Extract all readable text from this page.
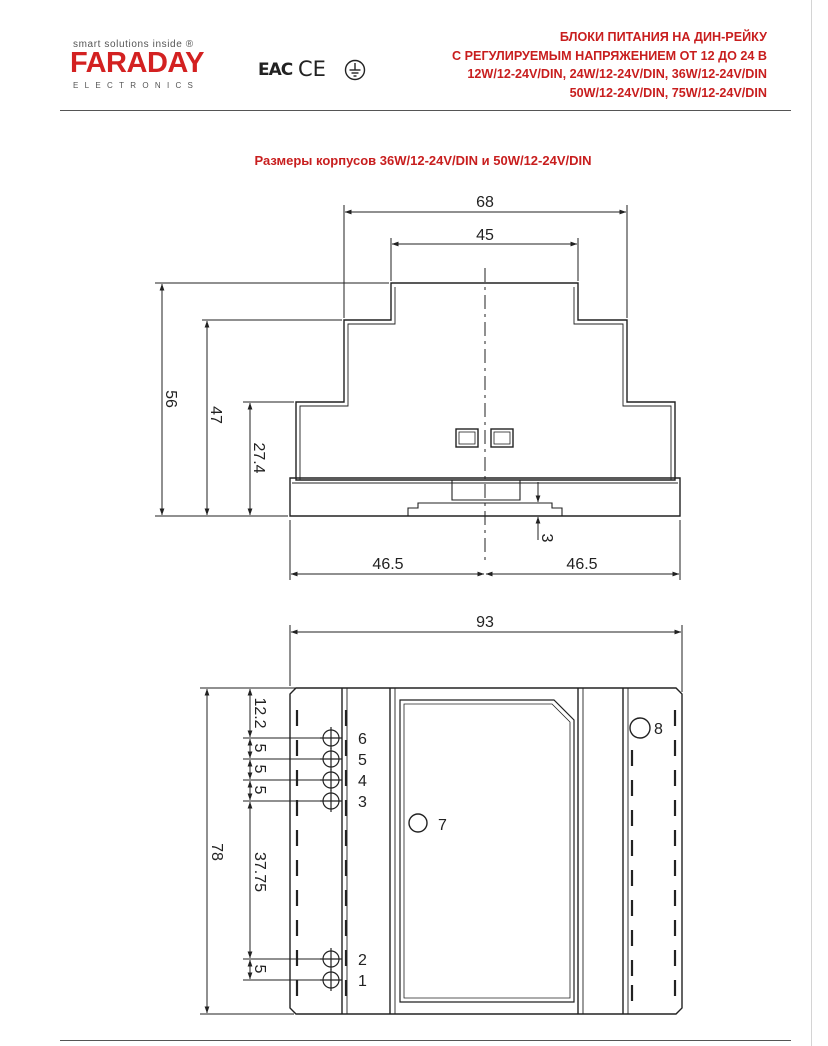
smart solutions inside ®
FARADAY
ELECTRONICS
EAC CE
БЛОКИ ПИТАНИЯ НА ДИН-РЕЙКУ
С РЕГУЛИРУЕМЫМ НАПРЯЖЕНИЕМ ОТ 12 ДО 24 В
12W/12-24V/DIN, 24W/12-24V/DIN, 36W/12-24V/DIN
50W/12-24V/DIN, 75W/12-24V/DIN
Размеры корпусов 36W/12-24V/DIN и 50W/12-24V/DIN
68
45
56
47
27.4
3
46.5	46.5
93
78
12.2
5
5
5
37.75
5
6
5
4
3
2
1
7
8
